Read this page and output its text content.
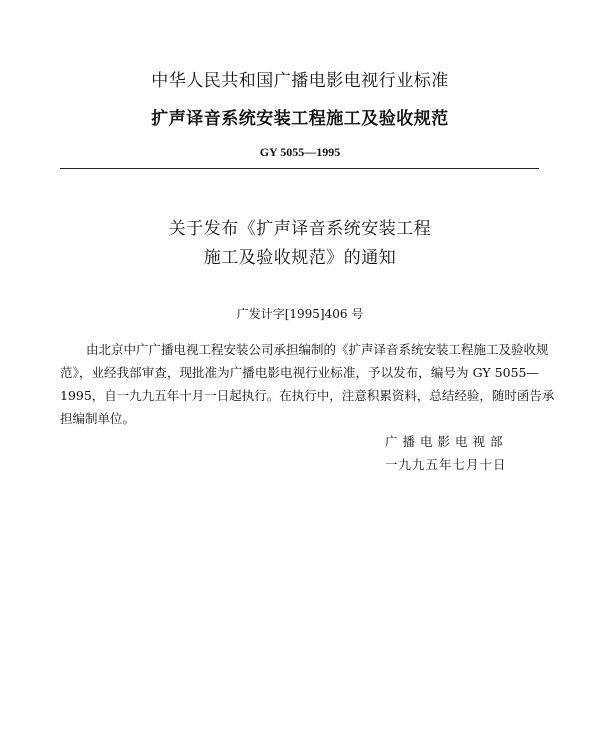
中华人民共和国广播电影电视行业标准
扩声译音系统安装工程施工及验收规范
GY 5055—1995
关于发布《扩声译音系统安装工程
施工及验收规范》的通知
广发计字[1995]406 号
由北京中广广播电视工程安装公司承担编制的《扩声译音系统安装工程施工及验收规
范》，业经我部审查，现批准为广播电影电视行业标准，予以发布，编号为 GY 5055—
1995，自一九九五年十月一日起执行。在执行中，注意积累资料，总结经验，随时函告承
担编制单位。
广播电影电视部
一九九五年七月十日
